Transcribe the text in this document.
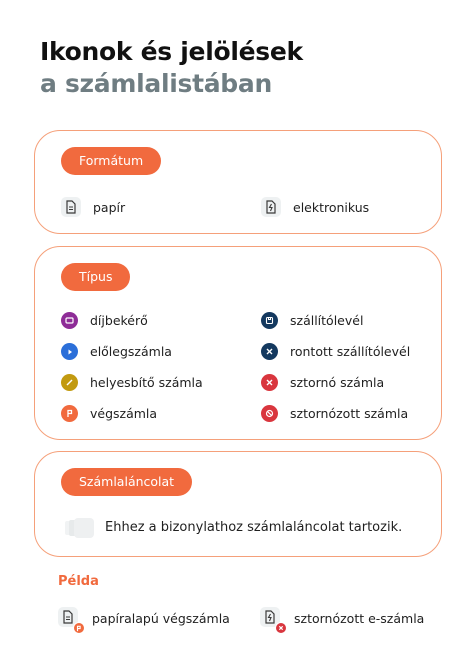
Ikonok és jelölések
a számlalistában
Formátum
papír	elektronikus
Típus
díjbekérő
előlegszámla
helyesbítő számla
végszámla
szállítólevél
rontott szállítólevél
sztornó számla
sztornózott számla
Számlaláncolat
Ehhez a bizonylathoz számlaláncolat tartozik.
Példa
papíralapú végszámla	sztornózott e-számla
